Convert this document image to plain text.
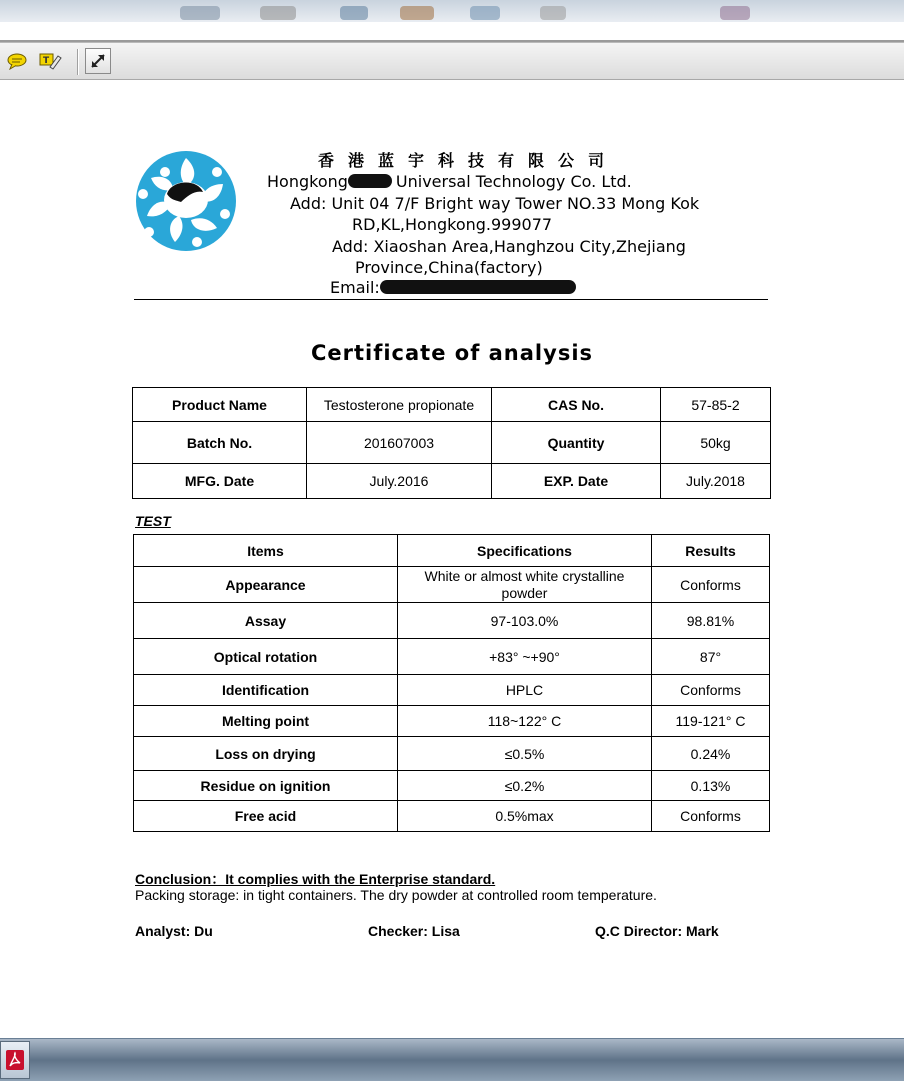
T
香港蓝宇科技有限公司
Hongkong	Universal Technology Co. Ltd.
Add: Unit 04 7/F Bright way Tower NO.33 Mong Kok
RD,KL,Hongkong.999077
Add: Xiaoshan Area,Hanghzou City,Zhejiang
Province,China(factory)
Email:
Certificate of analysis
Product Name	Testosterone propionate	CAS No.	57-85-2
Batch No.	201607003	Quantity	50kg
MFG. Date	July.2016	EXP. Date	July.2018
TEST
Items	Specifications	Results
Appearance	White or almost white crystalline powder	Conforms
Assay	97-103.0%	98.81%
Optical rotation	+83° ~+90°	87°
Identification	HPLC	Conforms
Melting point	118~122° C	119-121° C
Loss on drying	≤0.5%	0.24%
Residue on ignition	≤0.2%	0.13%
Free acid	0.5%max	Conforms
Conclusion：It complies with the Enterprise standard.
Packing storage: in tight containers. The dry powder at controlled room temperature.
Analyst: Du	Checker: Lisa	Q.C Director: Mark
